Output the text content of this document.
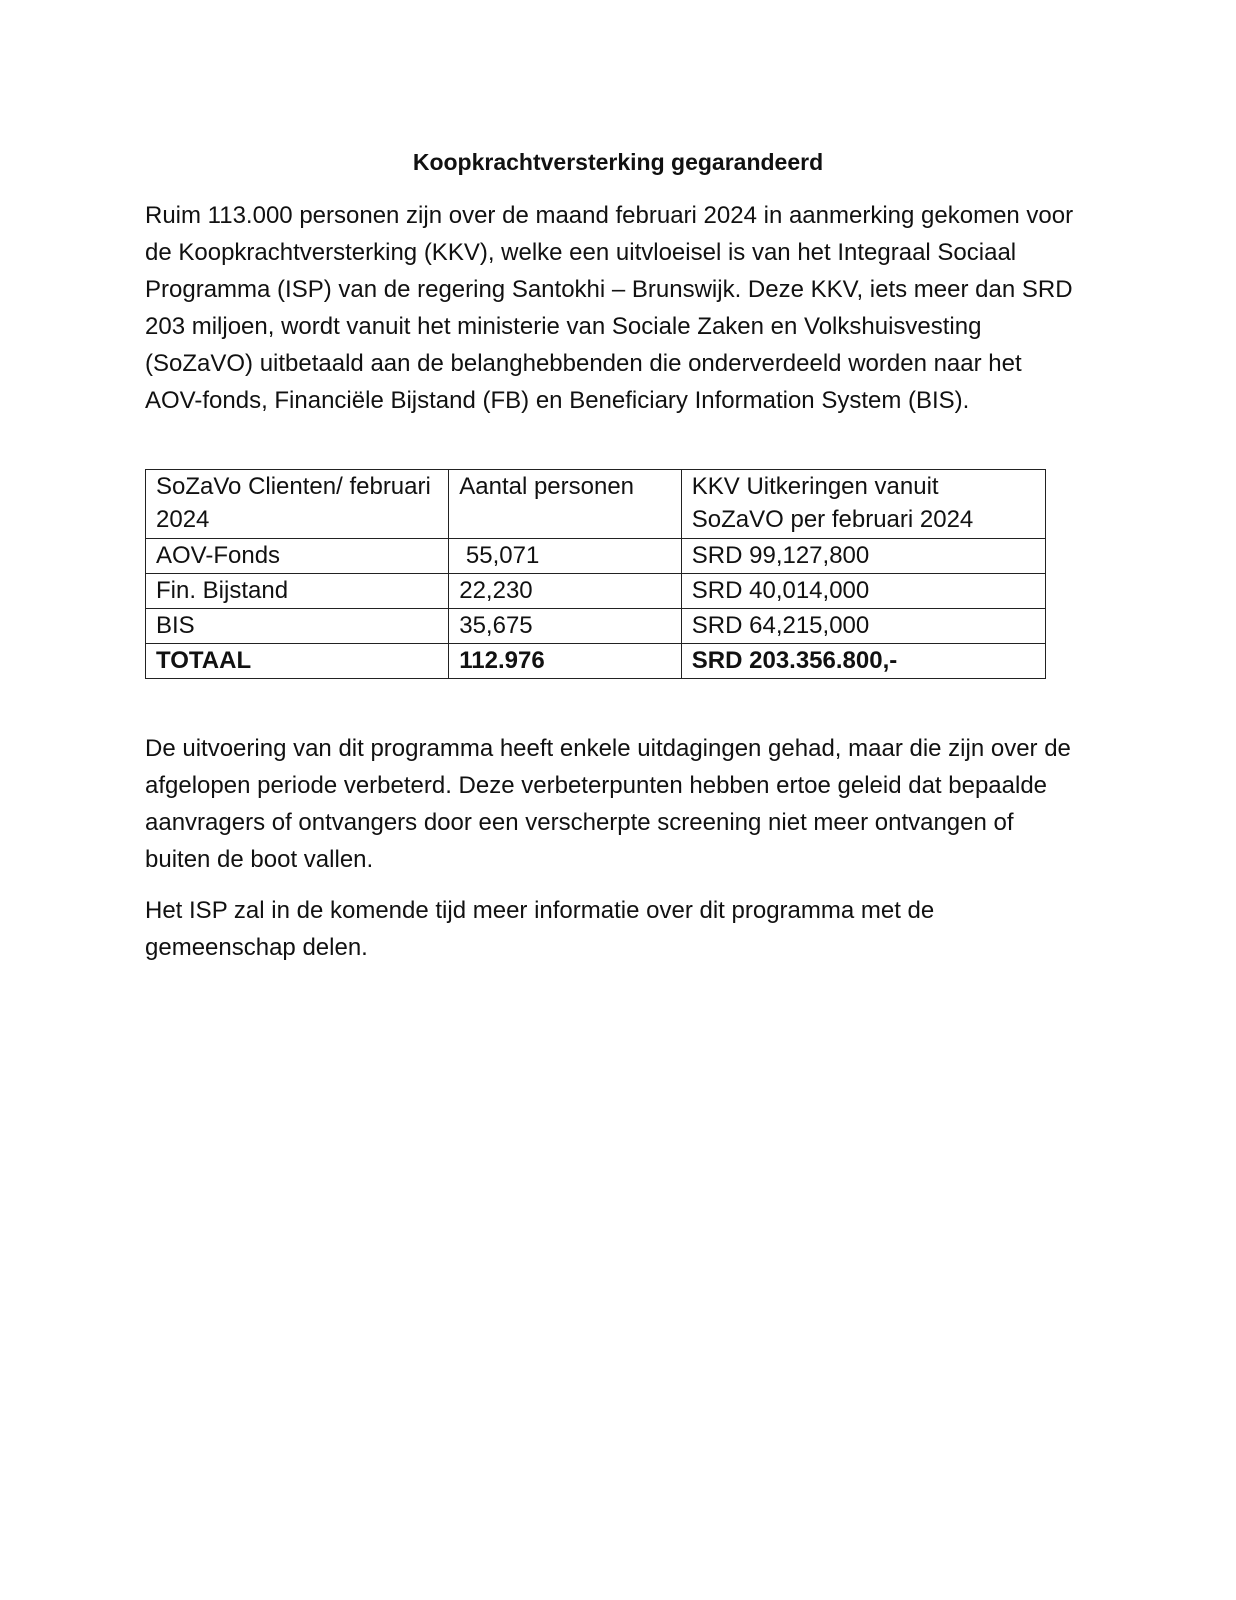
Koopkrachtversterking gegarandeerd

Ruim 113.000 personen zijn over de maand februari 2024 in aanmerking gekomen voor de Koopkrachtversterking (KKV), welke een uitvloeisel is van het Integraal Sociaal Programma (ISP) van de regering Santokhi – Brunswijk. Deze KKV, iets meer dan SRD 203 miljoen, wordt vanuit het ministerie van Sociale Zaken en Volkshuisvesting (SoZaVO) uitbetaald aan de belanghebbenden die onderverdeeld worden naar het AOV-fonds, Financiële Bijstand (FB) en Beneficiary Information System (BIS).

SoZaVo Clienten/ februari 2024	Aantal personen	KKV Uitkeringen vanuit SoZaVO per februari 2024
AOV-Fonds	55,071	SRD 99,127,800
Fin. Bijstand	22,230	SRD 40,014,000
BIS	35,675	SRD 64,215,000
TOTAAL	112.976	SRD 203.356.800,-

De uitvoering van dit programma heeft enkele uitdagingen gehad, maar die zijn over de afgelopen periode verbeterd. Deze verbeterpunten hebben ertoe geleid dat bepaalde aanvragers of ontvangers door een verscherpte screening niet meer ontvangen of buiten de boot vallen.

Het ISP zal in de komende tijd meer informatie over dit programma met de gemeenschap delen.
